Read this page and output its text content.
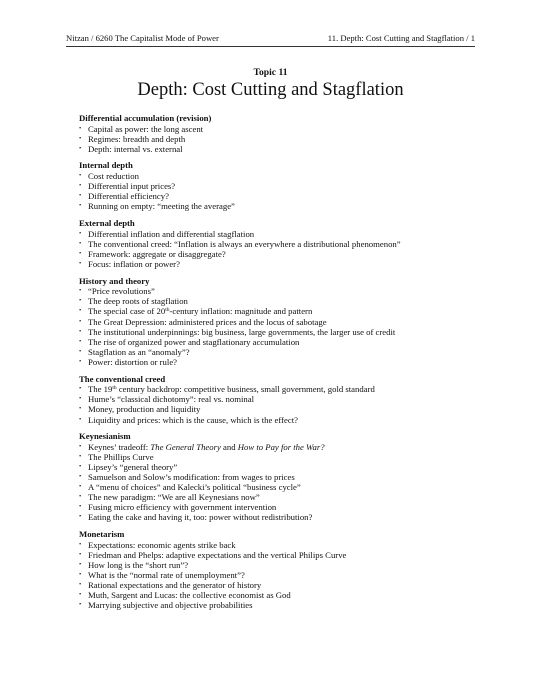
Nitzan / 6260 The Capitalist Mode of Power	11. Depth: Cost Cutting and Stagflation / 1
Topic 11
Depth: Cost Cutting and Stagflation
Differential accumulation (revision)
• Capital as power: the long ascent
• Regimes: breadth and depth
• Depth: internal vs. external
Internal depth
• Cost reduction
• Differential input prices?
• Differential efficiency?
• Running on empty: “meeting the average”
External depth
• Differential inflation and differential stagflation
• The conventional creed: “Inflation is always an everywhere a distributional phenomenon”
• Framework: aggregate or disaggregate?
• Focus: inflation or power?
History and theory
• “Price revolutions”
• The deep roots of stagflation
• The special case of 20th-century inflation: magnitude and pattern
• The Great Depression: administered prices and the locus of sabotage
• The institutional underpinnings: big business, large governments, the larger use of credit
• The rise of organized power and stagflationary accumulation
• Stagflation as an “anomaly”?
• Power: distortion or rule?
The conventional creed
• The 19th century backdrop: competitive business, small government, gold standard
• Hume’s “classical dichotomy”: real vs. nominal
• Money, production and liquidity
• Liquidity and prices: which is the cause, which is the effect?
Keynesianism
• Keynes’ tradeoff: The General Theory and How to Pay for the War?
• The Phillips Curve
• Lipsey’s “general theory”
• Samuelson and Solow’s modification: from wages to prices
• A “menu of choices” and Kalecki’s political “business cycle”
• The new paradigm: “We are all Keynesians now”
• Fusing micro efficiency with government intervention
• Eating the cake and having it, too: power without redistribution?
Monetarism
• Expectations: economic agents strike back
• Friedman and Phelps: adaptive expectations and the vertical Philips Curve
• How long is the “short run”?
• What is the “normal rate of unemployment”?
• Rational expectations and the generator of history
• Muth, Sargent and Lucas: the collective economist as God
• Marrying subjective and objective probabilities
